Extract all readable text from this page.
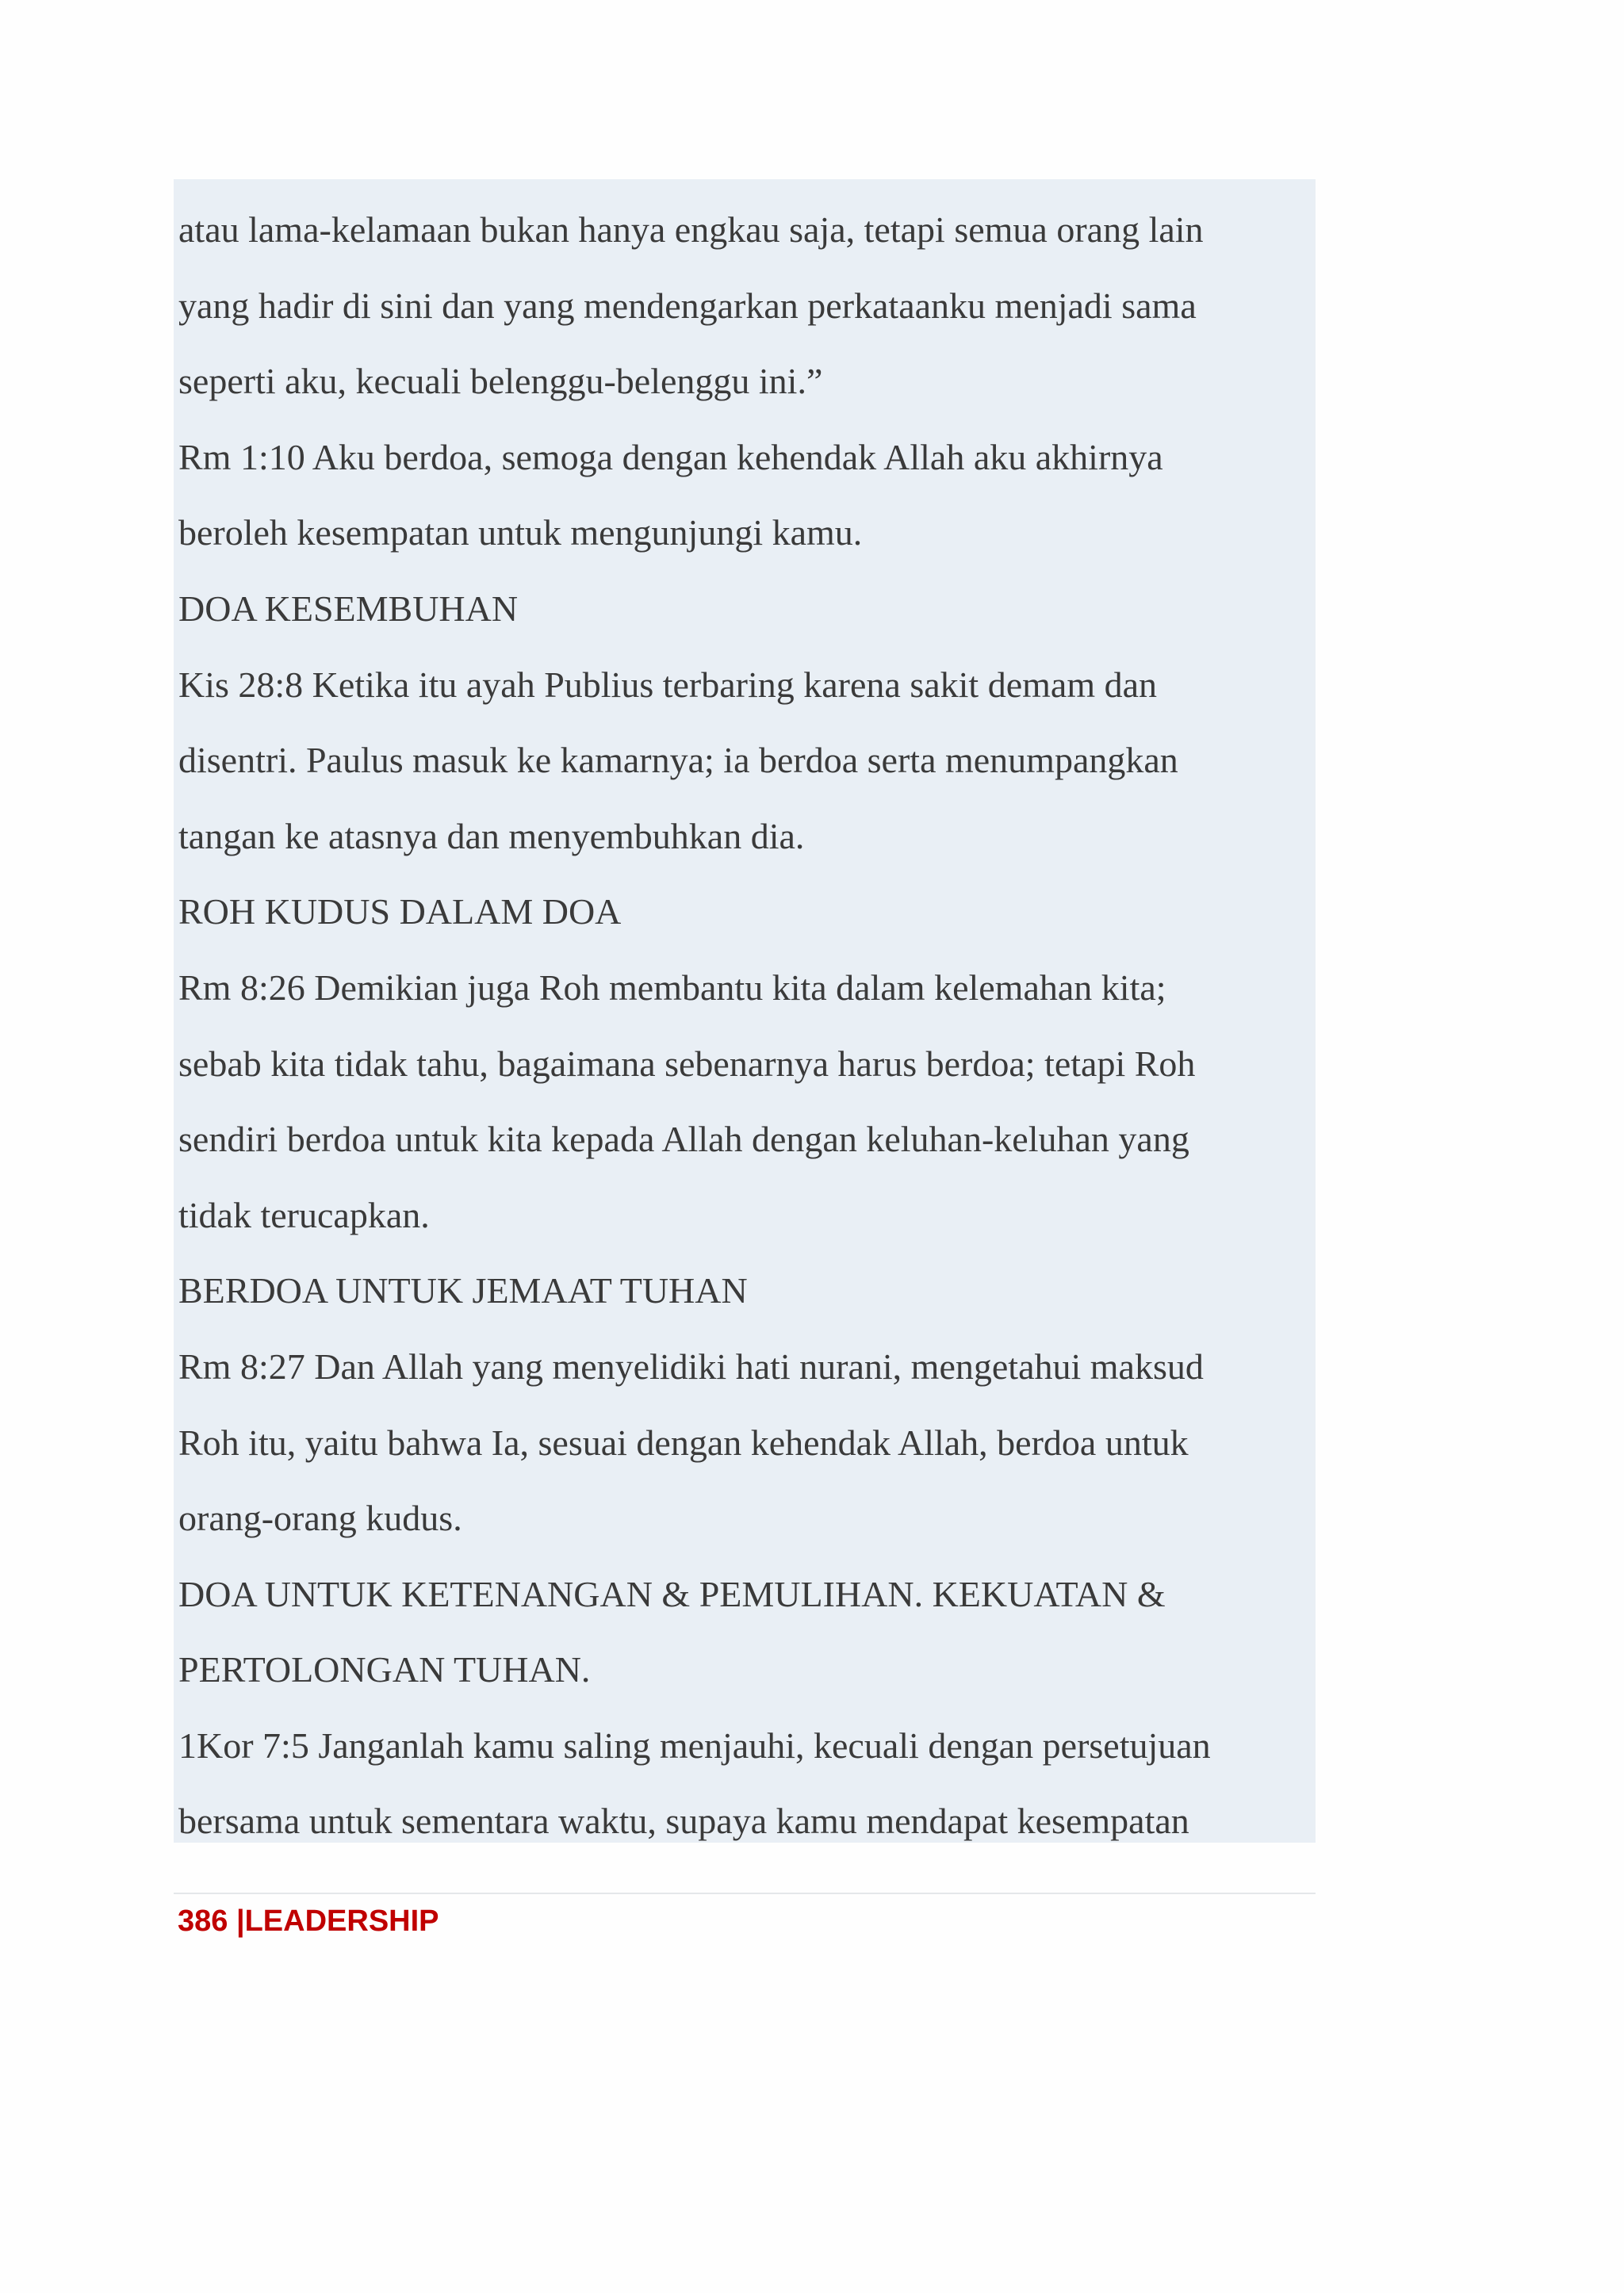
atau lama-kelamaan bukan hanya engkau saja, tetapi semua orang lain
yang hadir di sini dan yang mendengarkan perkataanku menjadi sama
seperti aku, kecuali belenggu-belenggu ini.”
Rm 1:10 Aku berdoa, semoga dengan kehendak Allah aku akhirnya
beroleh kesempatan untuk mengunjungi kamu.
DOA KESEMBUHAN
Kis 28:8 Ketika itu ayah Publius terbaring karena sakit demam dan
disentri. Paulus masuk ke kamarnya; ia berdoa serta menumpangkan
tangan ke atasnya dan menyembuhkan dia.
ROH KUDUS DALAM DOA
Rm 8:26 Demikian juga Roh membantu kita dalam kelemahan kita;
sebab kita tidak tahu, bagaimana sebenarnya harus berdoa; tetapi Roh
sendiri berdoa untuk kita kepada Allah dengan keluhan-keluhan yang
tidak terucapkan.
BERDOA UNTUK JEMAAT TUHAN
Rm 8:27 Dan Allah yang menyelidiki hati nurani, mengetahui maksud
Roh itu, yaitu bahwa Ia, sesuai dengan kehendak Allah, berdoa untuk
orang-orang kudus.
DOA UNTUK KETENANGAN & PEMULIHAN. KEKUATAN &
PERTOLONGAN TUHAN.
1Kor 7:5 Janganlah kamu saling menjauhi, kecuali dengan persetujuan
bersama untuk sementara waktu, supaya kamu mendapat kesempatan
386 |LEADERSHIP
